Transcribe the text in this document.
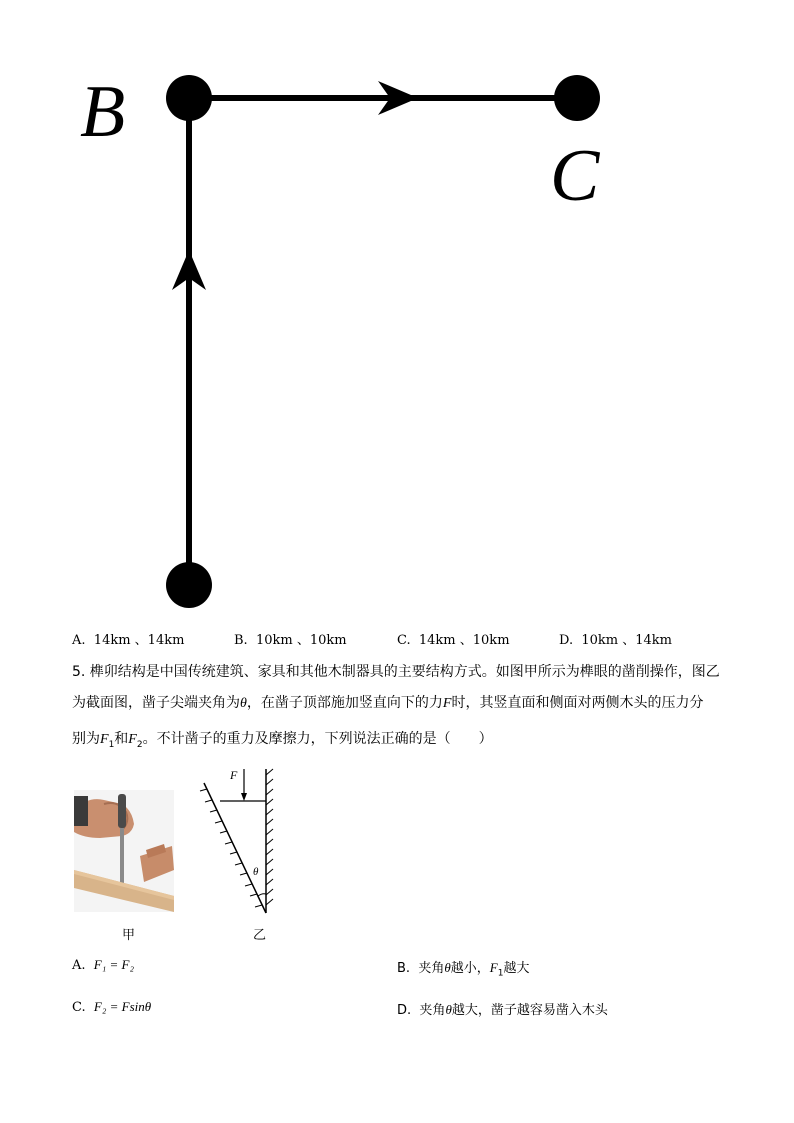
B
C
A. 14km 、14km	B. 10km 、10km	C. 14km 、10km	D. 10km 、14km
5. 榫卯结构是中国传统建筑、家具和其他木制器具的主要结构方式。如图甲所示为榫眼的凿削操作，图乙
为截面图，凿子尖端夹角为θ，在凿子顶部施加竖直向下的力F时，其竖直面和侧面对两侧木头的压力分
别为$F_1$和$F_2$。不计凿子的重力及摩擦力，下列说法正确的是（　　）
甲
F
θ
乙
A. F₁ = F₂	B. 夹角θ越小，$F_1$越大
C. F₂ = Fsinθ	D. 夹角θ越大，凿子越容易凿入木头
